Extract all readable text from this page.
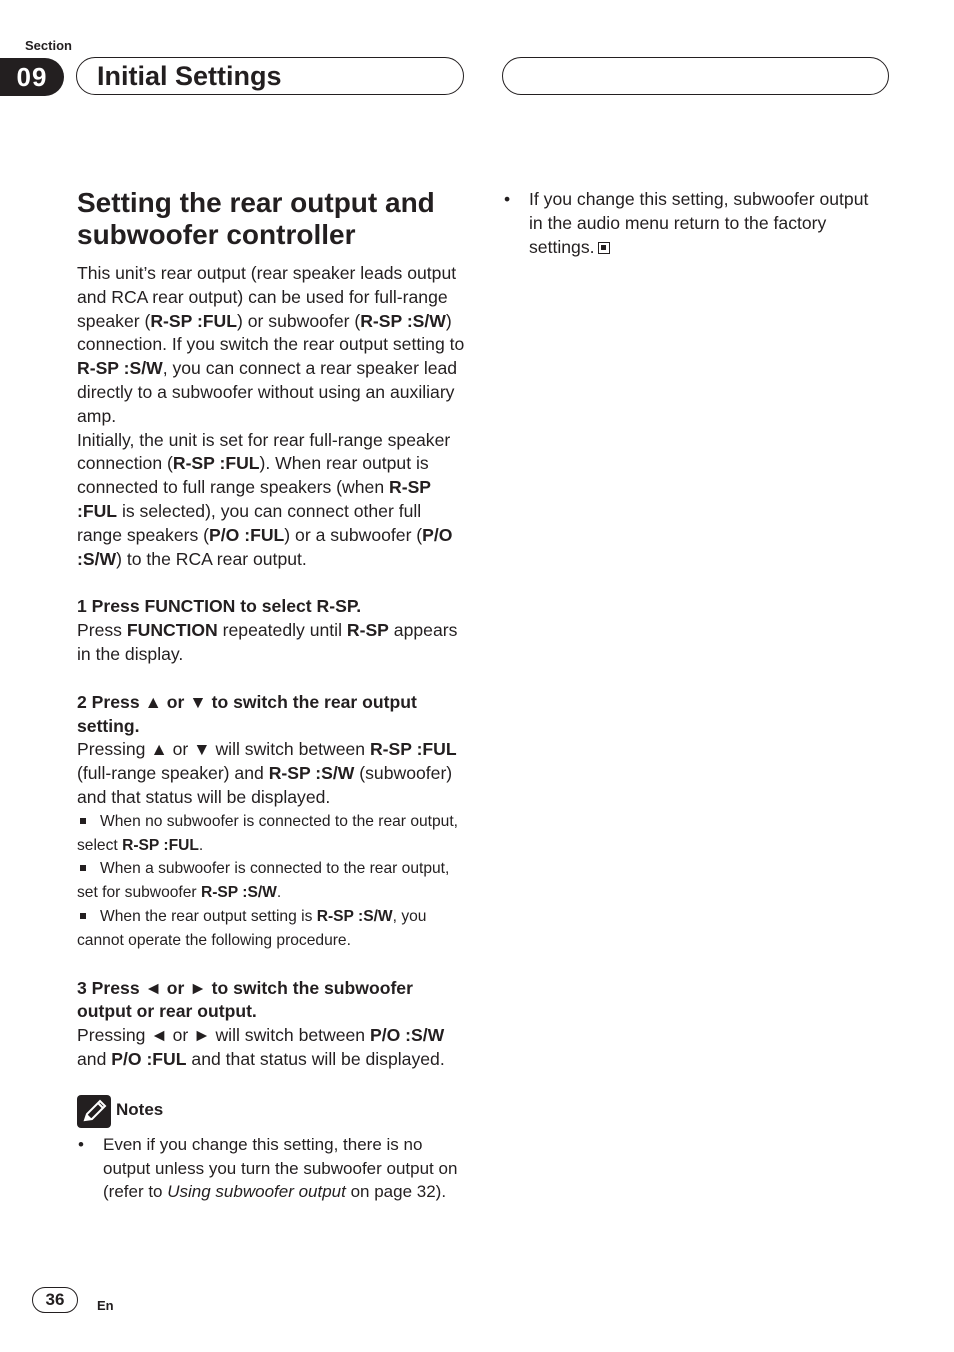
Section
09	Initial Settings
Setting the rear output and
subwoofer controller

This unit’s rear output (rear speaker leads output and RCA rear output) can be used for full-range speaker (R-SP :FUL) or subwoofer (R-SP :S/W) connection. If you switch the rear output setting to R-SP :S/W, you can connect a rear speaker lead directly to a subwoofer without using an auxiliary amp.

Initially, the unit is set for rear full-range speaker connection (R-SP :FUL). When rear output is connected to full range speakers (when R-SP :FUL is selected), you can connect other full range speakers (P/O :FUL) or a subwoofer (P/O :S/W) to the RCA rear output.

1 Press FUNCTION to select R-SP.

Press FUNCTION repeatedly until R-SP appears in the display.

2 Press ▲ or ▼ to switch the rear output setting.

Pressing ▲ or ▼ will switch between R-SP :FUL (full-range speaker) and R-SP :S/W (subwoofer) and that status will be displayed.

When no subwoofer is connected to the rear output, select R-SP :FUL.

When a subwoofer is connected to the rear output, set for subwoofer R-SP :S/W.

When the rear output setting is R-SP :S/W, you cannot operate the following procedure.

3 Press ◄ or ► to switch the subwoofer output or rear output.

Pressing ◄ or ► will switch between P/O :S/W and P/O :FUL and that status will be displayed.

Notes
• Even if you change this setting, there is no output unless you turn the subwoofer output on (refer to Using subwoofer output on page 32).
• If you change this setting, subwoofer output in the audio menu return to the factory settings.
36	En
